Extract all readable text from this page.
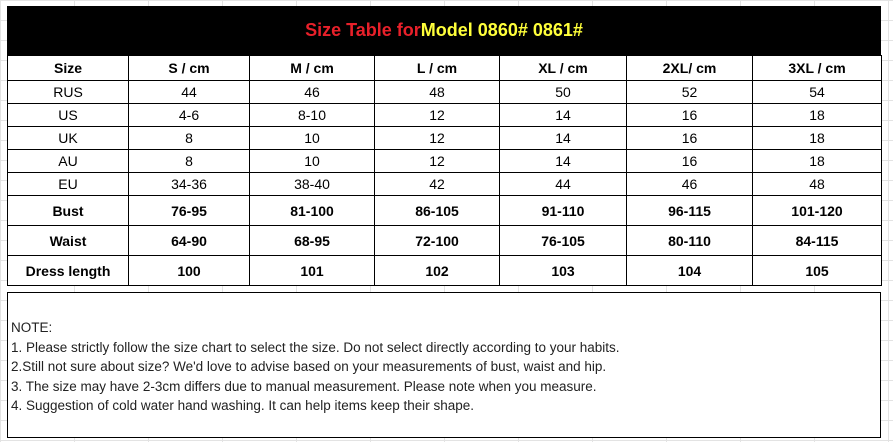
Size Table for Model 0860# 0861#
Size	S / cm	M / cm	L / cm	XL / cm	2XL/ cm	3XL / cm
RUS	44	46	48	50	52	54
US	4-6	8-10	12	14	16	18
UK	8	10	12	14	16	18
AU	8	10	12	14	16	18
EU	34-36	38-40	42	44	46	48
Bust	76-95	81-100	86-105	91-110	96-115	101-120
Waist	64-90	68-95	72-100	76-105	80-110	84-115
Dress length	100	101	102	103	104	105
NOTE:
1. Please strictly follow the size chart to select the size. Do not select directly according to your habits.
2.Still not sure about size? We'd love to advise based on your measurements of bust, waist and hip.
3. The size may have 2-3cm differs due to manual measurement. Please note when you measure.
4. Suggestion of cold water hand washing. It can help items keep their shape.
